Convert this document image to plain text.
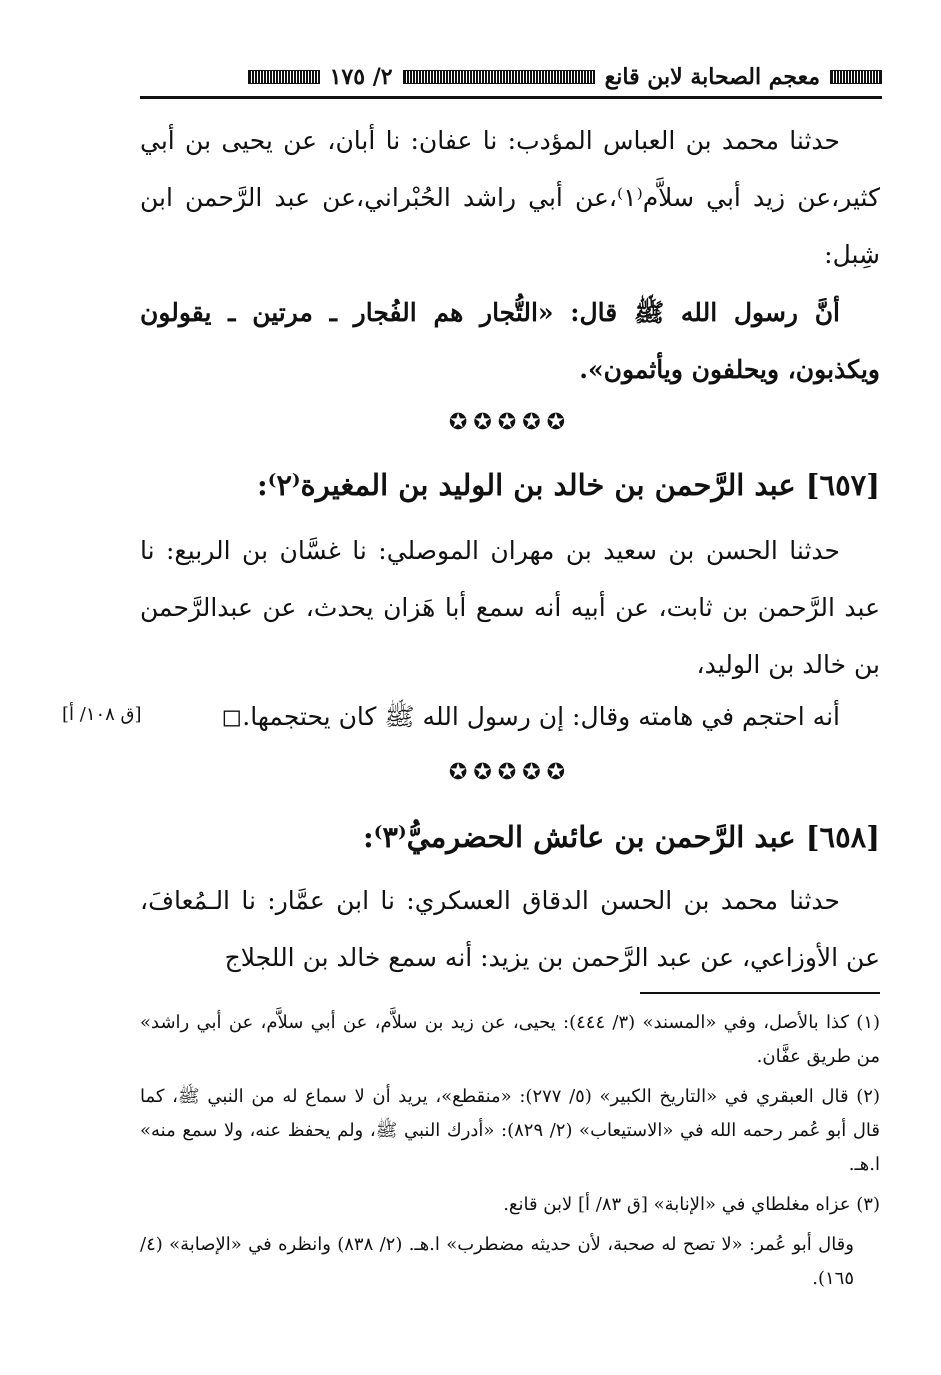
معجم الصحابة لابن قانع
٢/ ١٧٥
حدثنا محمد بن العباس المؤدب: نا عفان: نا أبان، عن يحيى بن أبي كثير،عن زيد أبي سلاَّم⁽١⁾،عن أبي راشد الحُبْراني،عن عبد الرَّحمن ابن شِبل:
أنَّ رسول الله ﷺ قال: «التُّجار هم الفُجار ـ مرتين ـ يقولون ويكذبون، ويحلفون ويأثمون».
✪✪✪✪✪
[٦٥٧] عبد الرَّحمن بن خالد بن الوليد بن المغيرة⁽٢⁾:
حدثنا الحسن بن سعيد بن مهران الموصلي: نا غسَّان بن الربيع: نا عبد الرَّحمن بن ثابت، عن أبيه أنه سمع أبا هَزان يحدث، عن عبدالرَّحمن بن خالد بن الوليد،
أنه احتجم في هامته وقال: إن رسول الله ﷺ كان يحتجمها.◻
[ق ١٠٨/ أ]
✪✪✪✪✪
[٦٥٨] عبد الرَّحمن بن عائش الحضرميُّ⁽٣⁾:
حدثنا محمد بن الحسن الدقاق العسكري: نا ابن عمَّار: نا الـمُعافَ، عن الأوزاعي، عن عبد الرَّحمن بن يزيد: أنه سمع خالد بن اللجلاج
(١) كذا بالأصل، وفي «المسند» (٣/ ٤٤٤): يحيى، عن زيد بن سلاَّم، عن أبي سلاَّم، عن أبي راشد» من طريق عفَّان.
(٢) قال العبقري في «التاريخ الكبير» (٥/ ٢٧٧): «منقطع»، يريد أن لا سماع له من النبي ﷺ، كما قال أبو عُمر رحمه الله في «الاستيعاب» (٢/ ٨٢٩): «أدرك النبي ﷺ، ولم يحفظ عنه، ولا سمع منه» ا.هـ.
(٣) عزاه مغلطاي في «الإنابة» [ق ٨٣/ أ] لابن قانع.
وقال أبو عُمر: «لا تصح له صحبة، لأن حديثه مضطرب» ا.هـ. (٢/ ٨٣٨) وانظره في «الإصابة» (٤/ ١٦٥).
